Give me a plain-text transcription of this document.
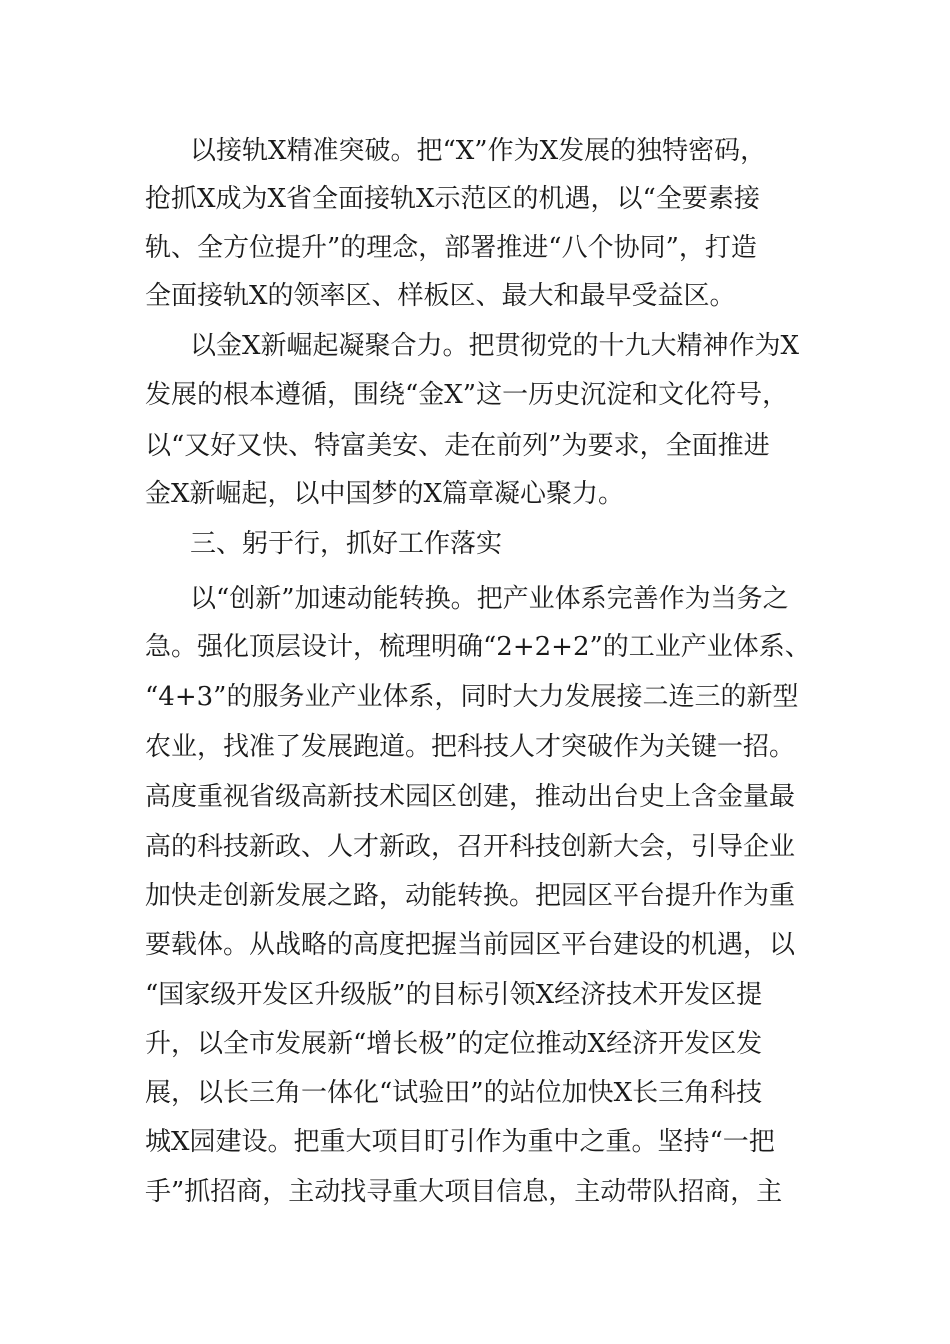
以接轨X精准突破。把“X”作为X发展的独特密码，
抢抓X成为X省全面接轨X示范区的机遇，以“全要素接
轨、全方位提升”的理念，部署推进“八个协同”，打造
全面接轨X的领率区、样板区、最大和最早受益区。
以金X新崛起凝聚合力。把贯彻党的十九大精神作为X
发展的根本遵循，围绕“金X”这一历史沉淀和文化符号，
以“又好又快、特富美安、走在前列”为要求，全面推进
金X新崛起，以中国梦的X篇章凝心聚力。
三、躬于行，抓好工作落实
以“创新”加速动能转换。把产业体系完善作为当务之
急。强化顶层设计，梳理明确“2+2+2”的工业产业体系、
“4+3”的服务业产业体系，同时大力发展接二连三的新型
农业，找准了发展跑道。把科技人才突破作为关键一招。
高度重视省级高新技术园区创建，推动出台史上含金量最
高的科技新政、人才新政，召开科技创新大会，引导企业
加快走创新发展之路，动能转换。把园区平台提升作为重
要载体。从战略的高度把握当前园区平台建设的机遇，以
“国家级开发区升级版”的目标引领X经济技术开发区提
升，以全市发展新“增长极”的定位推动X经济开发区发
展，以长三角一体化“试验田”的站位加快X长三角科技
城X园建设。把重大项目盯引作为重中之重。坚持“一把
手”抓招商，主动找寻重大项目信息，主动带队招商，主
